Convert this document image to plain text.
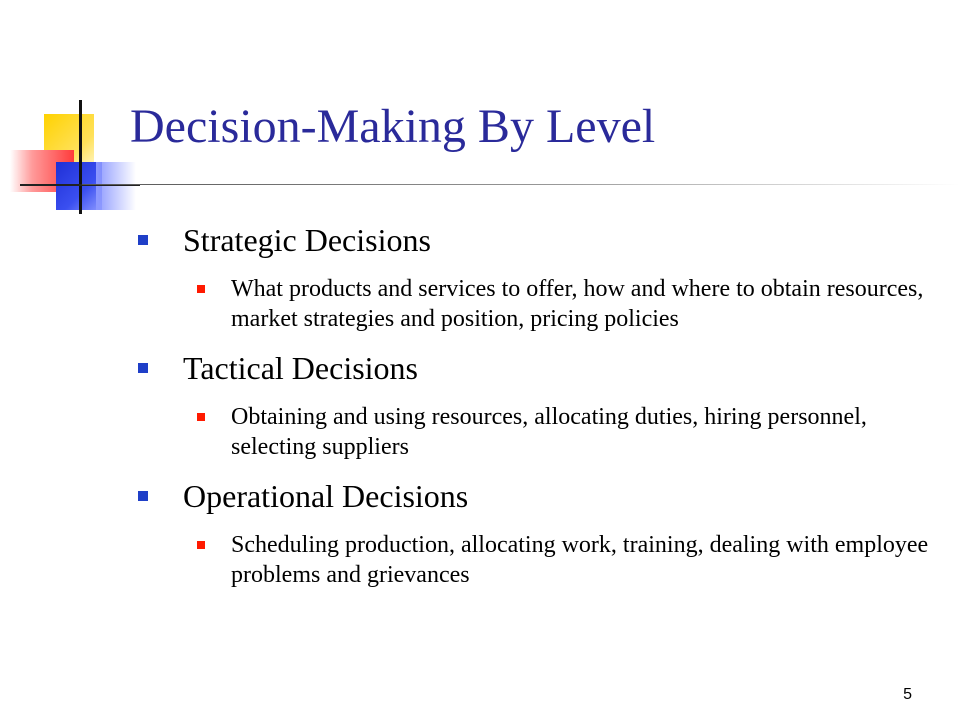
Decision-Making By Level
Strategic Decisions
What products and services to offer, how and where to obtain resources, market strategies and position, pricing policies
Tactical Decisions
Obtaining and using resources, allocating duties, hiring personnel, selecting suppliers
Operational Decisions
Scheduling production, allocating work, training, dealing with employee problems and grievances
5
